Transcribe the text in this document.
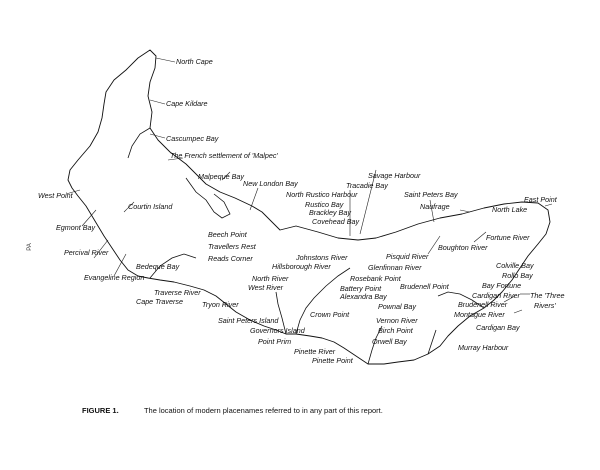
North Cape
Cape Kildare
Cascumpec Bay
The French settlement of 'Malpec'
Malpeque Bay
New London Bay
Savage Harbour
Tracadie Bay
North Rustico Harbour	Saint Peters Bay
East Point
West Point
Courtin Island	Rustico Bay
Brackley Bay
Covehead Bay
Naufrage	North Lake
Egmont Bay
Beech Point
Travellers Rest
Percival River
Reads Corner	Johnstons River	Pisquid River
Boughton River
Fortune River
Hillsborough River	Glenfinnan River
Bedeque Bay
Evangeline Region	North River	Rosebank Point
Colville Bay
West River	Battery Point	Brudenell Point
Rollo Bay
Alexandra Bay
Bay Fortune
Traverse River
Pownal Bay
Cardigan River The 'Three
Rivers'
Cape Traverse	Tryon River	Brudenell River
Montague River
Crown Point
Saint Peters Island	Vernon River
Cardigan Bay
Governors Island	Birch Point
Point Prim	Orwell Bay
Murray Harbour
Pinette River
Pinette Point
PA
FIGURE 1.	The location of modern placenames referred to in any part of this report.
